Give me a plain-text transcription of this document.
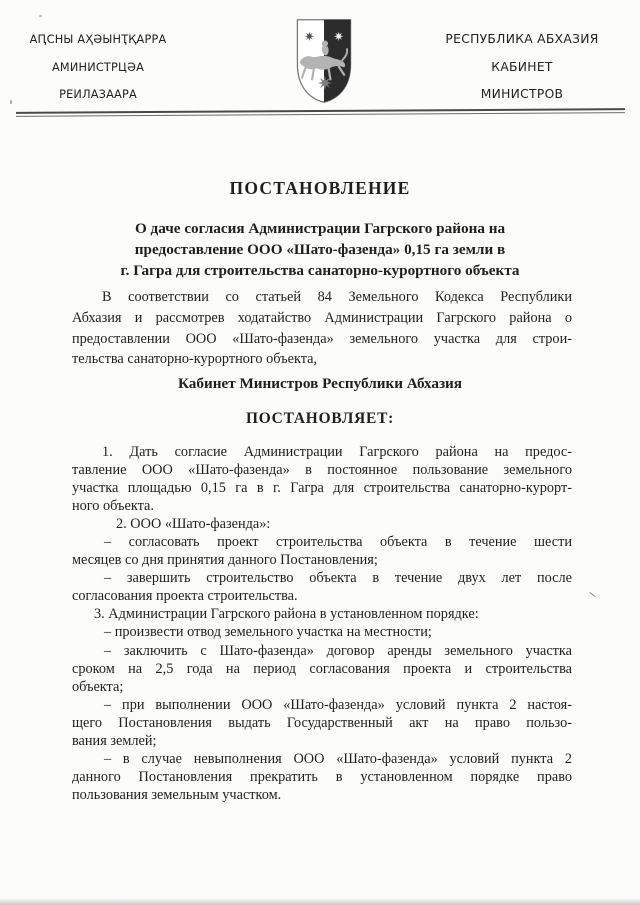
АԤСНЫ АҲӘЫНҬҚАРРА
АМИНИСТРЦӘА
РЕИЛАЗААРА
РЕСПУБЛИКА АБХАЗИЯ
КАБИНЕТ
МИНИСТРОВ
ПОСТАНОВЛЕНИЕ
О даче согласия Администрации Гагрского района на
предоставление ООО «Шато-фазенда» 0,15 га земли в
г. Гагра для строительства санаторно-курортного объекта
В соответствии со статьей 84 Земельного Кодекса Республики
Абхазия и рассмотрев ходатайство Администрации Гагрского района о
предоставлении ООО «Шато-фазенда» земельного участка для строи-
тельства санаторно-курортного объекта,
Кабинет Министров Республики Абхазия
ПОСТАНОВЛЯЕТ:
1. Дать согласие Администрации Гагрского района на предос-
тавление ООО «Шато-фазенда» в постоянное пользование земельного
участка площадью 0,15 га в г. Гагра для строительства санаторно-курорт-
ного объекта.
2. ООО «Шато-фазенда»:
– согласовать проект строительства объекта в течение шести
месяцев со дня принятия данного Постановления;
– завершить строительство объекта в течение двух лет после
согласования проекта строительства.
3. Администрации Гагрского района в установленном порядке:
– произвести отвод земельного участка на местности;
– заключить с Шато-фазенда» договор аренды земельного участка
сроком на 2,5 года на период согласования проекта и строительства
объекта;
– при выполнении ООО «Шато-фазенда» условий пункта 2 настоя-
щего Постановления выдать Государственный акт на право пользо-
вания землей;
– в случае невыполнения ООО «Шато-фазенда» условий пункта 2
данного Постановления прекратить в установленном порядке право
пользования земельным участком.
